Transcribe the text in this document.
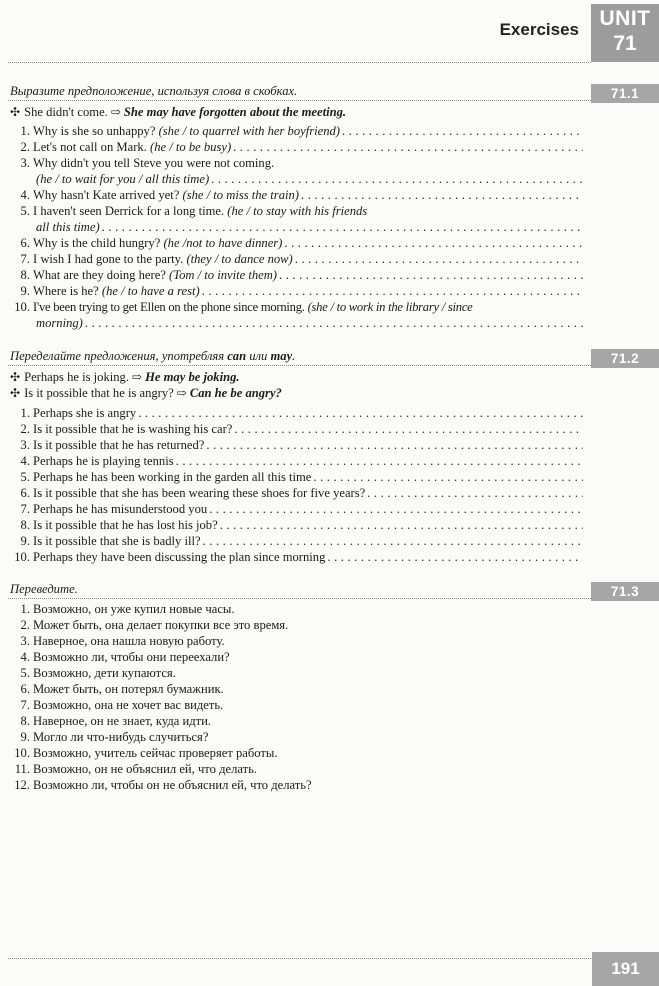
Exercises UNIT
71
Выразите предположение, используя слова в скобках.	71.1
✣ She didn't come. ⇨ She may have forgotten about the meeting.
1. Why is she so unhappy?
(she / to quarrel with her boyfriend)
. . .
2. Let's not call on Mark.
(he / to be busy)
. . .
3. Why didn't you tell Steve you were not coming.
(he / to wait for you / all this time)
. . .
4. Why hasn't Kate arrived yet?
(she / to miss the train)
. . .
5. I haven't seen Derrick for a long time.
(he / to stay with his friends
all this time)
. . .
6. Why is the child hungry?
(he /not to have dinner)
. . .
7. I wish I had gone to the party.
(they / to dance now)
. . .
8. What are they doing here?
(Tom / to invite them)
. . .
9. Where is he?
(he / to have a rest)
. . .
10. I've been trying to get Ellen on the phone since morning.
(she / to work in the library / since
morning)
. . .
Переделайте предложения, употребляя can или may.	71.2
✣ Perhaps he is joking. ⇨ He may be joking.
✣ Is it possible that he is angry? ⇨ Can he be angry?
1. Perhaps she is angry
. . .
2. Is it possible that he is washing his car?
. . .
3. Is it possible that he has returned?
. . .
4. Perhaps he is playing tennis
. . .
5. Perhaps he has been working in the garden all this time
. . .
6. Is it possible that she has been wearing these shoes for five years?
. . .
7. Perhaps he has misunderstood you
. . .
8. Is it possible that he has lost his job?
. . .
9. Is it possible that she is badly ill?
. . .
10. Perhaps they have been discussing the plan since morning
. . .
Переведите.	71.3
1. Возможно, он уже купил новые часы.
2. Может быть, она делает покупки все это время.
3. Наверное, она нашла новую работу.
4. Возможно ли, чтобы они переехали?
5. Возможно, дети купаются.
6. Может быть, он потерял бумажник.
7. Возможно, она не хочет вас видеть.
8. Наверное, он не знает, куда идти.
9. Могло ли что-нибудь случиться?
10. Возможно, учитель сейчас проверяет работы.
11. Возможно, он не объяснил ей, что делать.
12. Возможно ли, чтобы он не объяснил ей, что делать?
191
